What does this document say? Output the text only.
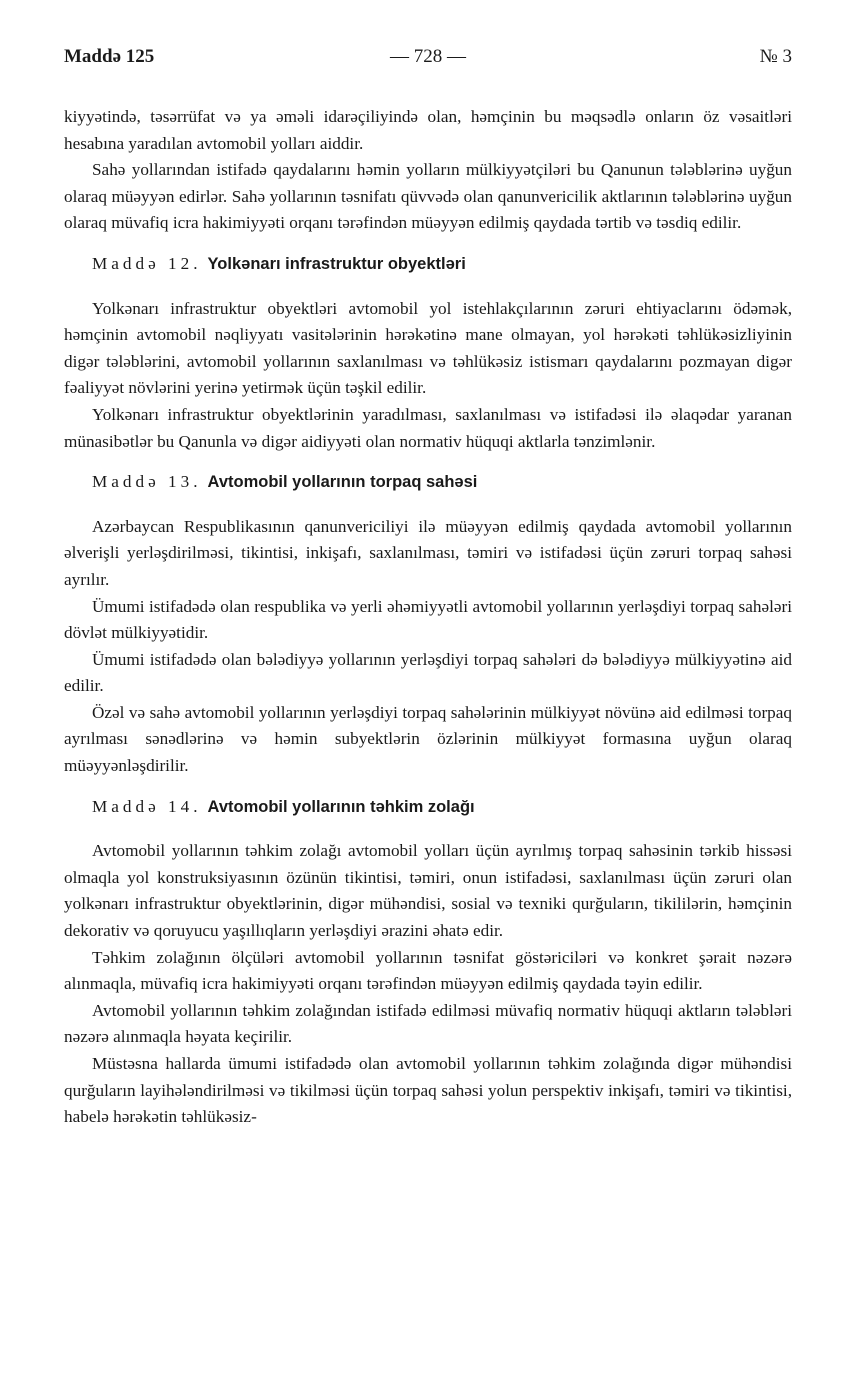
Maddə 125	— 728 —	№ 3

kiyyətində, təsərrüfat və ya əməli idarəçiliyində olan, həmçinin bu məqsədlə onların öz vəsaitləri hesabına yaradılan avtomobil yolları aiddir.

Sahə yollarından istifadə qaydalarını həmin yolların mülkiyyətçiləri bu Qanunun tələblərinə uyğun olaraq müəyyən edirlər. Sahə yollarının təsnifatı qüvvədə olan qanunvericilik aktlarının tələblərinə uyğun olaraq müvafiq icra hakimiyyəti orqanı tərəfindən müəyyən edilmiş qaydada tərtib və təsdiq edilir.

Maddə 12. Yolkənarı infrastruktur obyektləri

Yolkənarı infrastruktur obyektləri avtomobil yol istehlakçılarının zəruri ehtiyaclarını ödəmək, həmçinin avtomobil nəqliyyatı vasitələrinin hərəkətinə mane olmayan, yol hərəkəti təhlükəsizliyinin digər tələblərini, avtomobil yollarının saxlanılması və təhlükəsiz istismarı qaydalarını pozmayan digər fəaliyyət növlərini yerinə yetirmək üçün təşkil edilir.

Yolkənarı infrastruktur obyektlərinin yaradılması, saxlanılması və istifadəsi ilə əlaqədar yaranan münasibətlər bu Qanunla və digər aidiyyəti olan normativ hüquqi aktlarla tənzimlənir.

Maddə 13. Avtomobil yollarının torpaq sahəsi

Azərbaycan Respublikasının qanunvericiliyi ilə müəyyən edilmiş qaydada avtomobil yollarının əlverişli yerləşdirilməsi, tikintisi, inkişafı, saxlanılması, təmiri və istifadəsi üçün zəruri torpaq sahəsi ayrılır.

Ümumi istifadədə olan respublika və yerli əhəmiyyətli avtomobil yollarının yerləşdiyi torpaq sahələri dövlət mülkiyyətidir.

Ümumi istifadədə olan bələdiyyə yollarının yerləşdiyi torpaq sahələri də bələdiyyə mülkiyyətinə aid edilir.

Özəl və sahə avtomobil yollarının yerləşdiyi torpaq sahələrinin mülkiyyət növünə aid edilməsi torpaq ayrılması sənədlərinə və həmin subyektlərin özlərinin mülkiyyət formasına uyğun olaraq müəyyənləşdirilir.

Maddə 14. Avtomobil yollarının təhkim zolağı

Avtomobil yollarının təhkim zolağı avtomobil yolları üçün ayrılmış torpaq sahəsinin tərkib hissəsi olmaqla yol konstruksiyasının özünün tikintisi, təmiri, onun istifadəsi, saxlanılması üçün zəruri olan yolkənarı infrastruktur obyektlərinin, digər mühəndisi, sosial və texniki qurğuların, tikililərin, həmçinin dekorativ və qoruyucu yaşıllıqların yerləşdiyi ərazini əhatə edir.

Təhkim zolağının ölçüləri avtomobil yollarının təsnifat göstəriciləri və konkret şərait nəzərə alınmaqla, müvafiq icra hakimiyyəti orqanı tərəfindən müəyyən edilmiş qaydada təyin edilir.

Avtomobil yollarının təhkim zolağından istifadə edilməsi müvafiq normativ hüquqi aktların tələbləri nəzərə alınmaqla həyata keçirilir.

Müstəsna hallarda ümumi istifadədə olan avtomobil yollarının təhkim zolağında digər mühəndisi qurğuların layihələndirilməsi və tikilməsi üçün torpaq sahəsi yolun perspektiv inkişafı, təmiri və tikintisi, habelə hərəkətin təhlükəsiz-
